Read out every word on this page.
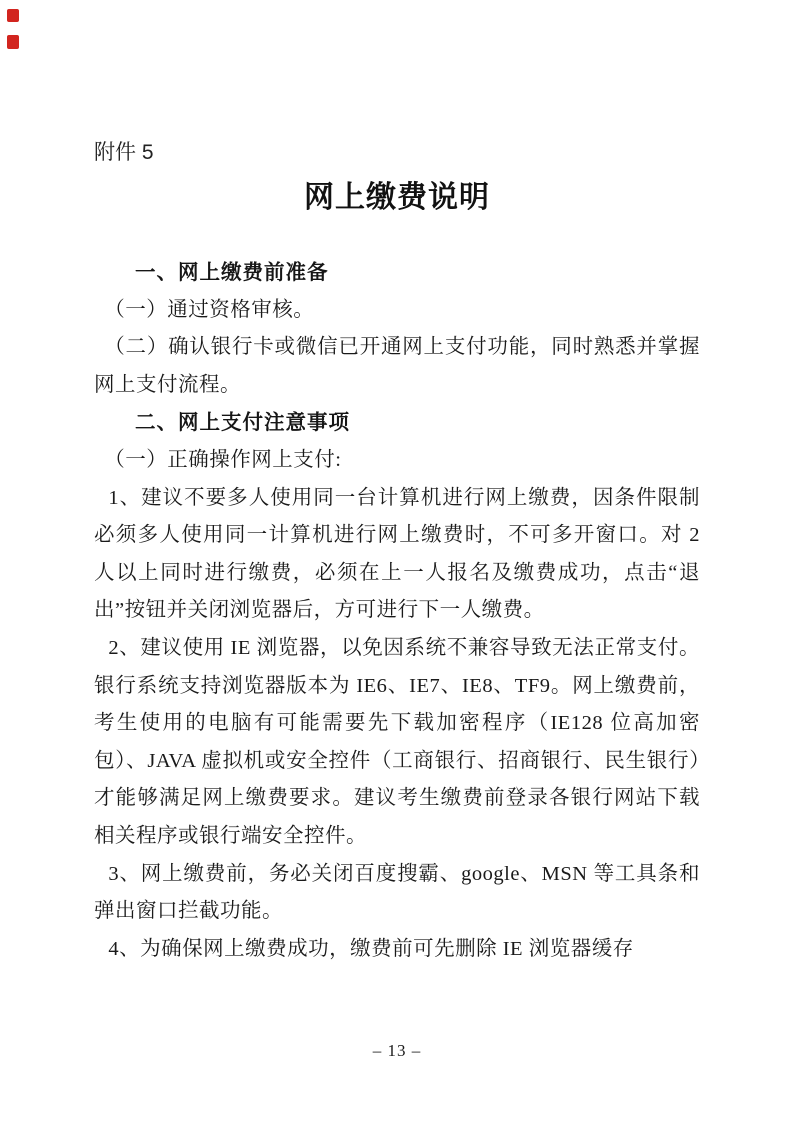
附件 5
网上缴费说明

一、网上缴费前准备

（一）通过资格审核。

（二）确认银行卡或微信已开通网上支付功能，同时熟悉并掌握网上支付流程。

二、网上支付注意事项

（一）正确操作网上支付:

1、建议不要多人使用同一台计算机进行网上缴费，因条件限制必须多人使用同一计算机进行网上缴费时，不可多开窗口。对 2 人以上同时进行缴费，必须在上一人报名及缴费成功，点击“退出”按钮并关闭浏览器后，方可进行下一人缴费。

2、建议使用 IE 浏览器，以免因系统不兼容导致无法正常支付。银行系统支持浏览器版本为 IE6、IE7、IE8、TF9。网上缴费前，考生使用的电脑有可能需要先下载加密程序（IE128 位高加密包）、JAVA 虚拟机或安全控件（工商银行、招商银行、民生银行）才能够满足网上缴费要求。建议考生缴费前登录各银行网站下载相关程序或银行端安全控件。

3、网上缴费前，务必关闭百度搜霸、google、MSN 等工具条和弹出窗口拦截功能。

4、为确保网上缴费成功，缴费前可先删除 IE 浏览器缓存

– 13 –
